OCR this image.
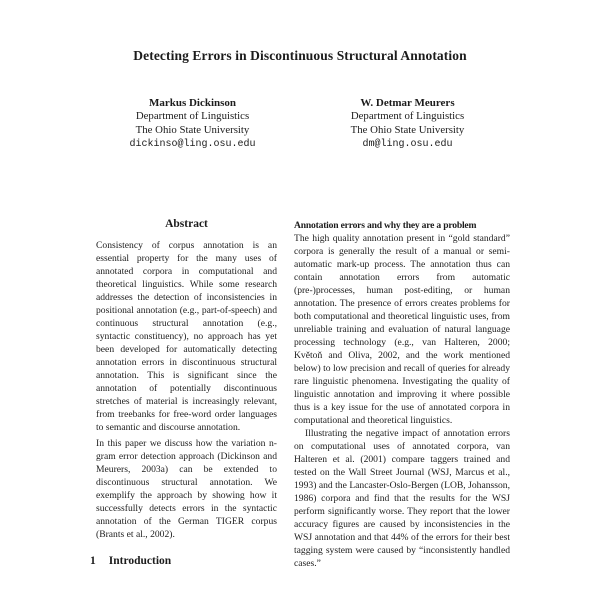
Detecting Errors in Discontinuous Structural Annotation
Markus Dickinson
Department of Linguistics
The Ohio State University
dickinso@ling.osu.edu
W. Detmar Meurers
Department of Linguistics
The Ohio State University
dm@ling.osu.edu
Abstract

Consistency of corpus annotation is an essential property for the many uses of annotated corpora in computational and theoretical linguistics. While some research addresses the detection of inconsistencies in positional annotation (e.g., part-of-speech) and continuous structural annotation (e.g., syntactic constituency), no approach has yet been developed for automatically detecting annotation errors in discontinuous structural annotation. This is significant since the annotation of potentially discontinuous stretches of material is increasingly relevant, from treebanks for free-word order languages to semantic and discourse annotation.

In this paper we discuss how the variation n-gram error detection approach (Dickinson and Meurers, 2003a) can be extended to discontinuous structural annotation. We exemplify the approach by showing how it successfully detects errors in the syntactic annotation of the German TIGER corpus (Brants et al., 2002).

1 Introduction

Annotation errors and why they are a problem

The high quality annotation present in “gold standard” corpora is generally the result of a manual or semi-automatic mark-up process. The annotation thus can contain annotation errors from automatic (pre-)processes, human post-editing, or human annotation. The presence of errors creates problems for both computational and theoretical linguistic uses, from unreliable training and evaluation of natural language processing technology (e.g., van Halteren, 2000; Květoň and Oliva, 2002, and the work mentioned below) to low precision and recall of queries for already rare linguistic phenomena. Investigating the quality of linguistic annotation and improving it where possible thus is a key issue for the use of annotated corpora in computational and theoretical linguistics.

Illustrating the negative impact of annotation errors on computational uses of annotated corpora, van Halteren et al. (2001) compare taggers trained and tested on the Wall Street Journal (WSJ, Marcus et al., 1993) and the Lancaster-Oslo-Bergen (LOB, Johansson, 1986) corpora and find that the results for the WSJ perform significantly worse. They report that the lower accuracy figures are caused by inconsistencies in the WSJ annotation and that 44% of the errors for their best tagging system were caused by “inconsistently handled cases.”
